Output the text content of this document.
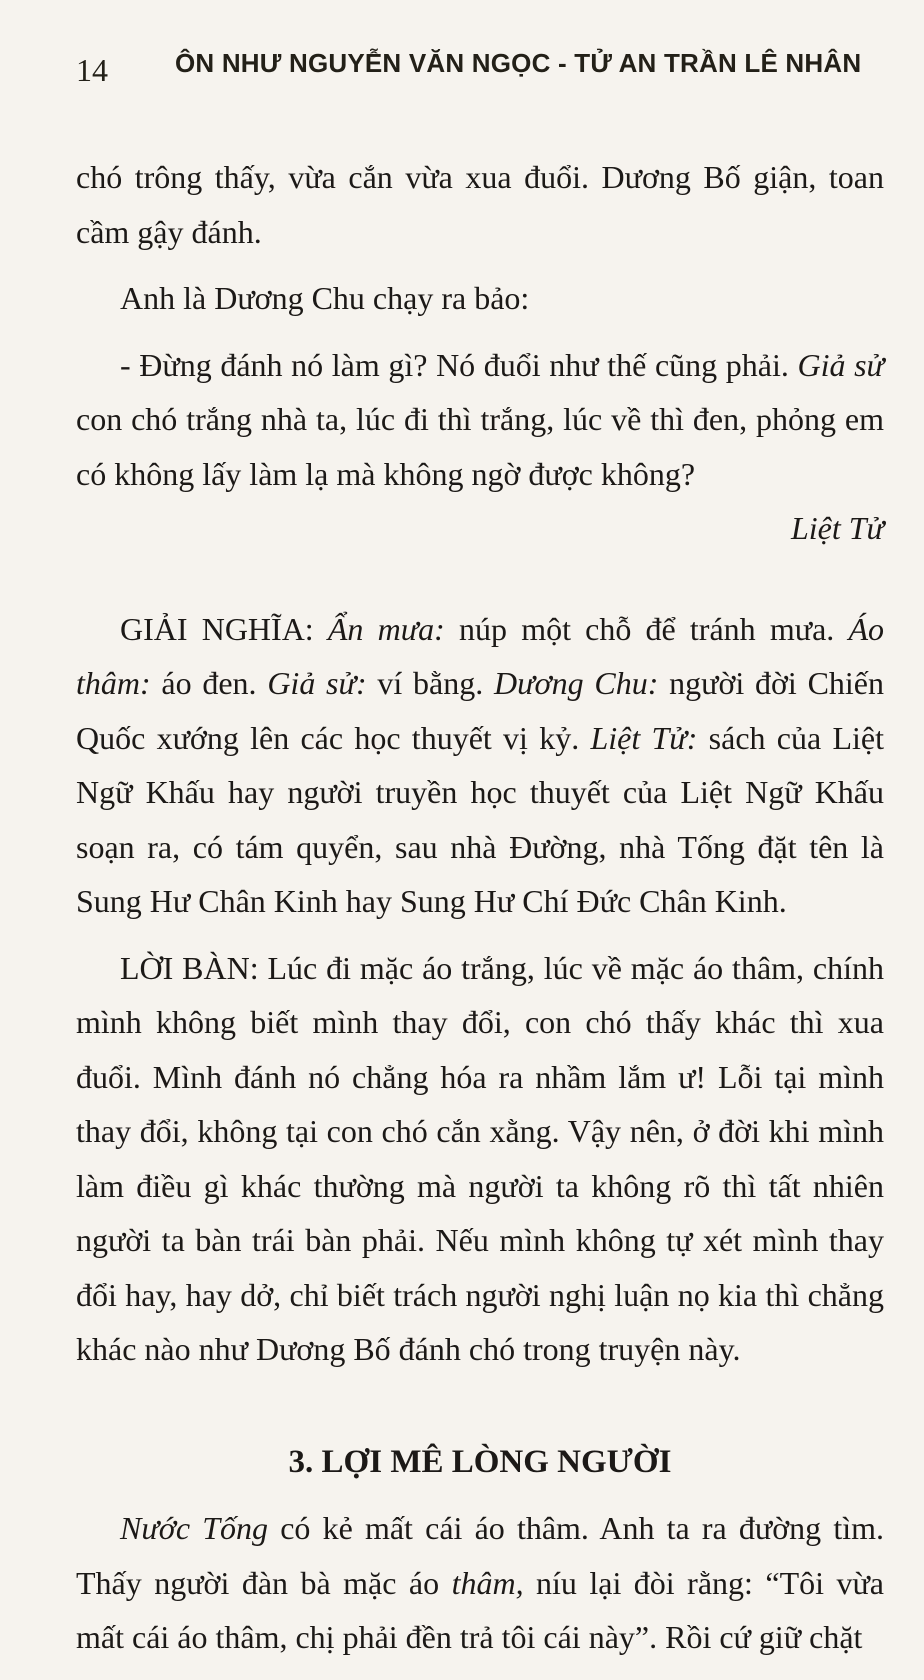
14	ÔN NHƯ NGUYỄN VĂN NGỌC - TỬ AN TRẦN LÊ NHÂN

chó trông thấy, vừa cắn vừa xua đuổi. Dương Bố giận, toan cầm gậy đánh.

Anh là Dương Chu chạy ra bảo:

- Đừng đánh nó làm gì? Nó đuổi như thế cũng phải. Giả sử con chó trắng nhà ta, lúc đi thì trắng, lúc về thì đen, phỏng em có không lấy làm lạ mà không ngờ được không?

Liệt Tử

GIẢI NGHĨA: Ẩn mưa: núp một chỗ để tránh mưa. Áo thâm: áo đen. Giả sử: ví bằng. Dương Chu: người đời Chiến Quốc xướng lên các học thuyết vị kỷ. Liệt Tử: sách của Liệt Ngữ Khấu hay người truyền học thuyết của Liệt Ngữ Khấu soạn ra, có tám quyển, sau nhà Đường, nhà Tống đặt tên là Sung Hư Chân Kinh hay Sung Hư Chí Đức Chân Kinh.

LỜI BÀN: Lúc đi mặc áo trắng, lúc về mặc áo thâm, chính mình không biết mình thay đổi, con chó thấy khác thì xua đuổi. Mình đánh nó chẳng hóa ra nhầm lắm ư! Lỗi tại mình thay đổi, không tại con chó cắn xằng. Vậy nên, ở đời khi mình làm điều gì khác thường mà người ta không rõ thì tất nhiên người ta bàn trái bàn phải. Nếu mình không tự xét mình thay đổi hay, hay dở, chỉ biết trách người nghị luận nọ kia thì chẳng khác nào như Dương Bố đánh chó trong truyện này.

3. LỢI MÊ LÒNG NGƯỜI

Nước Tống có kẻ mất cái áo thâm. Anh ta ra đường tìm. Thấy người đàn bà mặc áo thâm, níu lại đòi rằng: “Tôi vừa mất cái áo thâm, chị phải đền trả tôi cái này”. Rồi cứ giữ chặt
